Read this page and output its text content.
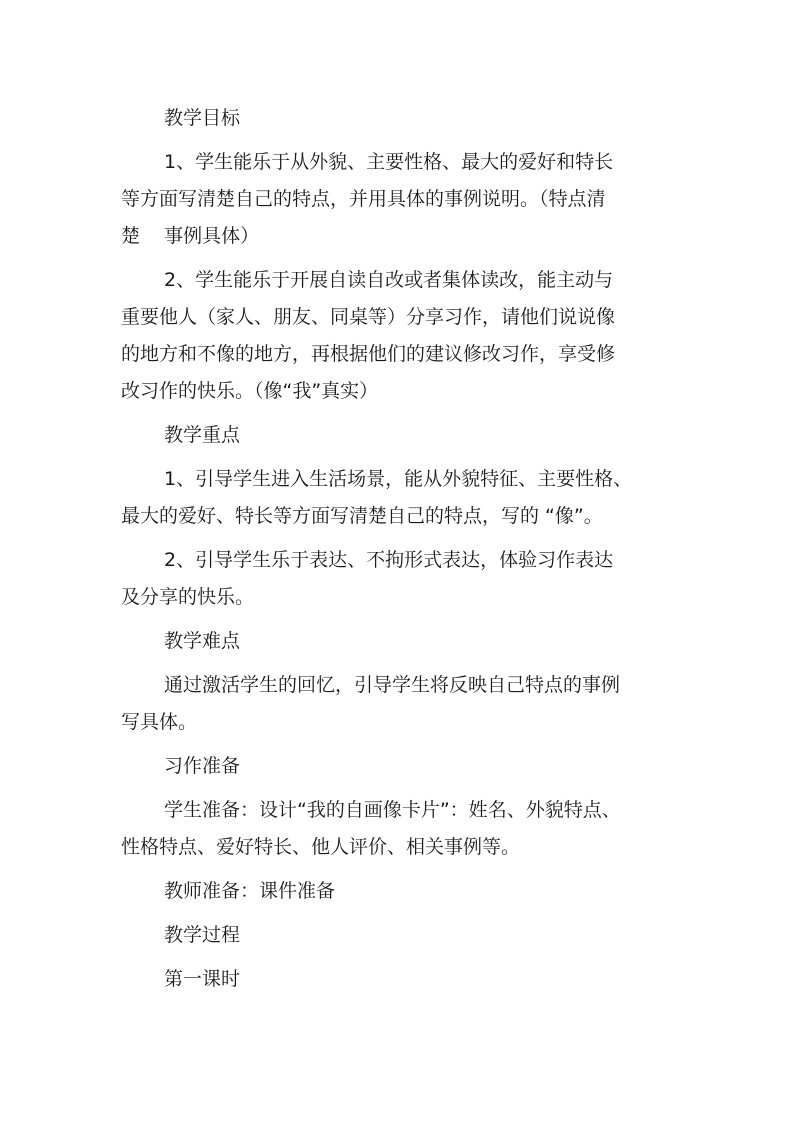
教学目标
1、学生能乐于从外貌、主要性格、最大的爱好和特长
等方面写清楚自己的特点，并用具体的事例说明。（特点清
楚    事例具体）
2、学生能乐于开展自读自改或者集体读改，能主动与
重要他人（家人、朋友、同桌等）分享习作，请他们说说像
的地方和不像的地方，再根据他们的建议修改习作，享受修
改习作的快乐。（像“我”真实）
教学重点
1、引导学生进入生活场景，能从外貌特征、主要性格、
最大的爱好、特长等方面写清楚自己的特点，写的 “像”。
2、引导学生乐于表达、不拘形式表达，体验习作表达
及分享的快乐。
教学难点
通过激活学生的回忆，引导学生将反映自己特点的事例
写具体。
习作准备
学生准备：设计“我的自画像卡片”：姓名、外貌特点、
性格特点、爱好特长、他人评价、相关事例等。
教师准备：课件准备
教学过程
第一课时
